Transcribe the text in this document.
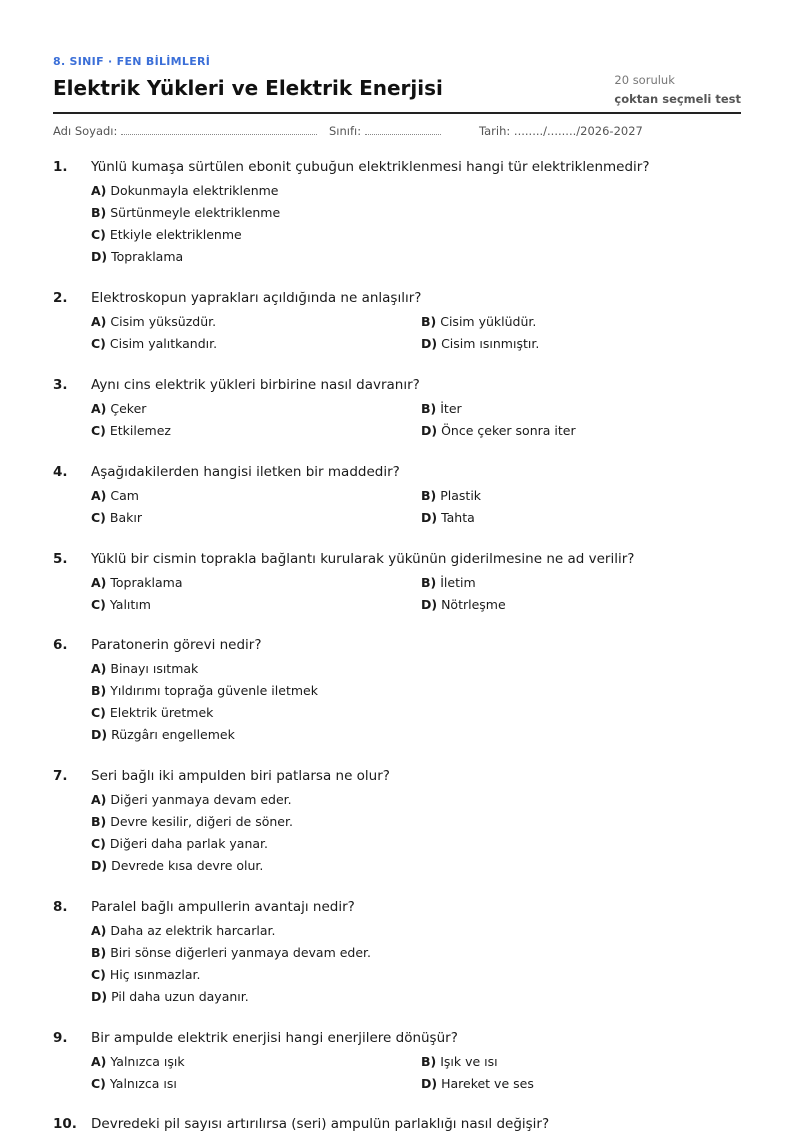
8. SINIF · FEN BİLİMLERİ
Elektrik Yükleri ve Elektrik Enerjisi	20 soruluk
çoktan seçmeli test
Adı Soyadı:	Sınıfı:	Tarih: ......../......../2026-2027
1. Yünlü kumaşa sürtülen ebonit çubuğun elektriklenmesi hangi tür elektriklenmedir?
A) Dokunmayla elektriklenme
B) Sürtünmeyle elektriklenme
C) Etkiyle elektriklenme
D) Topraklama
2. Elektroskopun yaprakları açıldığında ne anlaşılır?
A) Cisim yüksüzdür.	B) Cisim yüklüdür.
C) Cisim yalıtkandır.	D) Cisim ısınmıştır.
3. Aynı cins elektrik yükleri birbirine nasıl davranır?
A) Çeker	B) İter
C) Etkilemez	D) Önce çeker sonra iter
4. Aşağıdakilerden hangisi iletken bir maddedir?
A) Cam	B) Plastik
C) Bakır	D) Tahta
5. Yüklü bir cismin toprakla bağlantı kurularak yükünün giderilmesine ne ad verilir?
A) Topraklama	B) İletim
C) Yalıtım	D) Nötrleşme
6. Paratonerin görevi nedir?
A) Binayı ısıtmak
B) Yıldırımı toprağa güvenle iletmek
C) Elektrik üretmek
D) Rüzgârı engellemek
7. Seri bağlı iki ampulden biri patlarsa ne olur?
A) Diğeri yanmaya devam eder.
B) Devre kesilir, diğeri de söner.
C) Diğeri daha parlak yanar.
D) Devrede kısa devre olur.
8. Paralel bağlı ampullerin avantajı nedir?
A) Daha az elektrik harcarlar.
B) Biri sönse diğerleri yanmaya devam eder.
C) Hiç ısınmazlar.
D) Pil daha uzun dayanır.
9. Bir ampulde elektrik enerjisi hangi enerjilere dönüşür?
A) Yalnızca ışık	B) Işık ve ısı
C) Yalnızca ısı	D) Hareket ve ses
10. Devredeki pil sayısı artırılırsa (seri) ampulün parlaklığı nasıl değişir?
